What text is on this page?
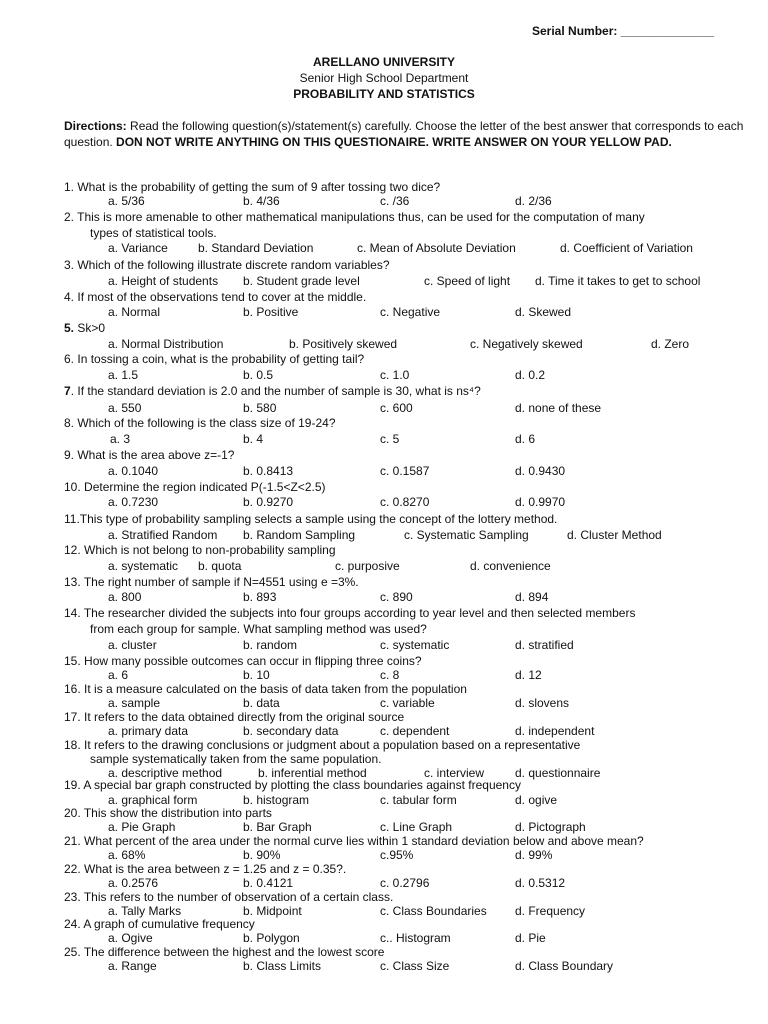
Serial Number: ______________
ARELLANO UNIVERSITY
Senior High School Department
PROBABILITY AND STATISTICS
Directions: Read the following question(s)/statement(s) carefully. Choose the letter of the best answer that corresponds to each question. DON NOT WRITE ANYTHING ON THIS QUESTIONAIRE. WRITE ANSWER ON YOUR YELLOW PAD.
1. What is the probability of getting the sum of 9 after tossing two dice?
a. 5/36	b. 4/36	c. /36	d. 2/36
2. This is more amenable to other mathematical manipulations thus, can be used for the computation of many
types of statistical tools.
a. Variance	b. Standard Deviation	c. Mean of Absolute Deviation	d. Coefficient of Variation
3. Which of the following illustrate discrete random variables?
a. Height of students b. Student grade level	c. Speed of light d. Time it takes to get to school
4. If most of the observations tend to cover at the middle.
a. Normal	b. Positive	c. Negative	d. Skewed
5. Sk>0
a. Normal Distribution	b. Positively skewed	c. Negatively skewed	d. Zero
6. In tossing a coin, what is the probability of getting tail?
a. 1.5	b. 0.5	c. 1.0	d. 0.2
7. If the standard deviation is 2.0 and the number of sample is 30, what is ns⁴?
a. 550	b. 580	c. 600	d. none of these
8. Which of the following is the class size of 19-24?
a. 3	b. 4	c. 5	d. 6
9. What is the area above z=-1?
a. 0.1040	b. 0.8413	c. 0.1587	d. 0.9430
10. Determine the region indicated P(-1.5<Z<2.5)
a. 0.7230	b. 0.9270	c. 0.8270	d. 0.9970
11.This type of probability sampling selects a sample using the concept of the lottery method.
a. Stratified Random b. Random Sampling	c. Systematic Sampling	d. Cluster Method
12. Which is not belong to non-probability sampling
a. systematic b. quota	c. purposive	d. convenience
13. The right number of sample if N=4551 using e =3%.
a. 800	b. 893	c. 890	d. 894
14. The researcher divided the subjects into four groups according to year level and then selected members
from each group for sample. What sampling method was used?
a. cluster	b. random	c. systematic	d. stratified
15. How many possible outcomes can occur in flipping three coins?
a. 6	b. 10	c. 8	d. 12
16. It is a measure calculated on the basis of data taken from the population
a. sample	b. data	c. variable	d. slovens
17. It refers to the data obtained directly from the original source
a. primary data	b. secondary data	c. dependent	d. independent
18. It refers to the drawing conclusions or judgment about a population based on a representative
sample systematically taken from the same population.
a. descriptive method	b. inferential method	c. interview	d. questionnaire
19. A special bar graph constructed by plotting the class boundaries against frequency
a. graphical form	b. histogram	c. tabular form	d. ogive
20. This show the distribution into parts
a. Pie Graph	b. Bar Graph	c. Line Graph	d. Pictograph
21. What percent of the area under the normal curve lies within 1 standard deviation below and above mean?
a. 68%	b. 90%	c.95%	d. 99%
22. What is the area between z = 1.25 and z = 0.35?.
a. 0.2576	b. 0.4121	c. 0.2796	d. 0.5312
23. This refers to the number of observation of a certain class.
a. Tally Marks	b. Midpoint	c. Class Boundaries d. Frequency
24. A graph of cumulative frequency
a. Ogive	b. Polygon	c.. Histogram	d. Pie
25. The difference between the highest and the lowest score
a. Range	b. Class Limits	c. Class Size	d. Class Boundary
